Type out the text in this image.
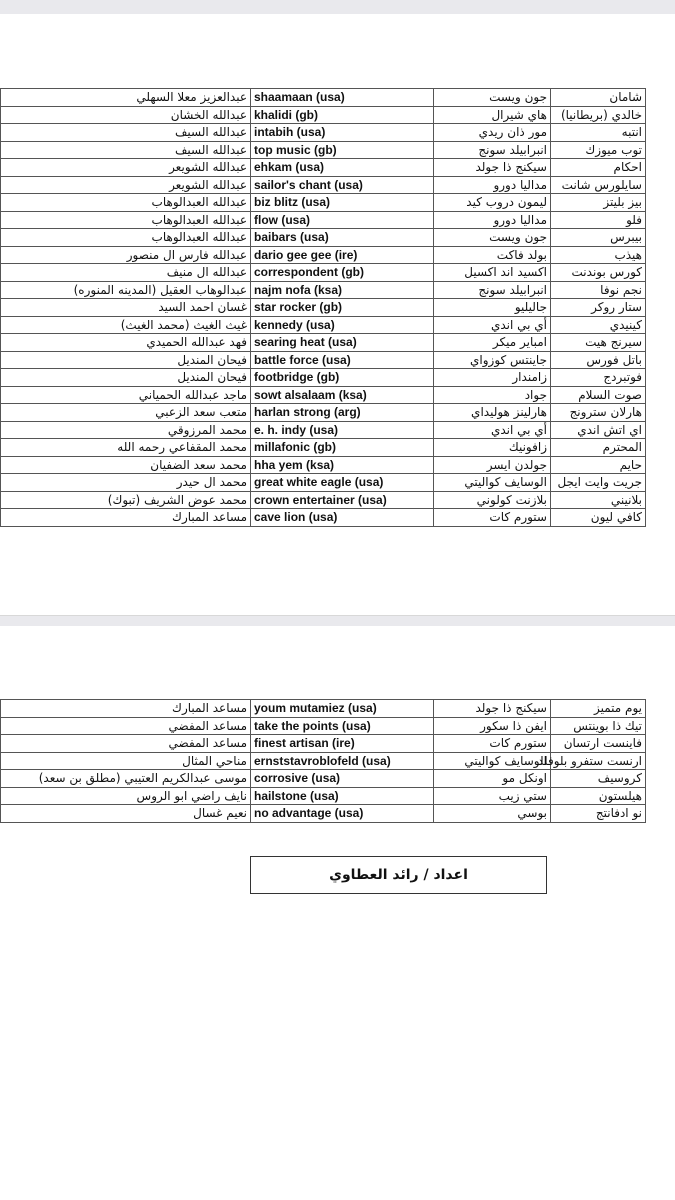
عبدالعزيز معلا السهلي	shaamaan (usa)	جون ويست	شامان
عبدالله الخشان	khalidi (gb)	هاي شيرال	خالدي (بريطانيا)
عبدالله السيف	intabih (usa)	مور ذان ريدي	انتبه
عبدالله السيف	top music (gb)	انبرابيلد سونج	توب ميوزك
عبدالله الشويعر	ehkam (usa)	سيكنج ذا جولد	احكام
عبدالله الشويعر	sailor's chant (usa)	مداليا دورو	سايلورس شانت
عبدالله العبدالوهاب	biz blitz (usa)	ليمون دروب كيد	بيز بليتز
عبدالله العبدالوهاب	flow (usa)	مداليا دورو	فلو
عبدالله العبدالوهاب	baibars (usa)	جون ويست	بيبرس
عبدالله فارس ال منصور	dario gee gee (ire)	بولد فاكت	هيذب
عبدالله ال منيف	correspondent (gb)	اكسيد اند اكسيل	كورس بوندنت
عبدالوهاب العقيل (المدينه المنوره)	najm nofa (ksa)	انبرابيلد سونج	نجم نوفا
غسان احمد السيد	star rocker (gb)	جاليليو	ستار روكر
غيث الغيث (محمد الغيث)	kennedy (usa)	أي بي اندي	كينيدي
فهد عبدالله الحميدي	searing heat (usa)	امباير ميكر	سيرنج هيت
فيحان المنديل	battle force (usa)	جاينتس كوزواي	باتل فورس
فيحان المنديل	footbridge (gb)	زامندار	فوتبردج
ماجد عبدالله الحمياني	sowt alsalaam (ksa)	جواد	صوت السلام
متعب سعد الزعبي	harlan strong (arg)	هارلينز هوليداي	هارلان سترونج
محمد المرزوقي	e. h. indy (usa)	أي بي اندي	اي اتش اندي
محمد المقفاعي رحمه الله	millafonic (gb)	زافونيك	المحترم
محمد سعد الضفيان	hha yem (ksa)	جولدن ايسر	حايم
محمد ال حيدر	great white eagle (usa)	الوسايف كواليتي	جريت وايت ايجل
محمد عوض الشريف (تبوك)	crown entertainer (usa)	بلازنت كولوني	بلانيني
مساعد المبارك	cave lion (usa)	ستورم كات	كافي ليون
مساعد المبارك	youm mutamiez (usa)	سيكنج ذا جولد	يوم متميز
مساعد المفضي	take the points (usa)	ايفن ذا سكور	تيك ذا بوينتس
مساعد المفضي	finest artisan (ire)	ستورم كات	فاينست ارتسان
مناحي المثال	ernststavroblofeld (usa)	الوسايف كواليتي	ارنست ستفرو بلوفلد
موسى عبدالكريم العتيبي (مطلق بن سعد)	corrosive (usa)	اونكل مو	كروسيف
نايف راضي ابو الروس	hailstone (usa)	ستي زيب	هيلستون
نعيم غسال	no advantage (usa)	بوسي	نو ادفانتج
اعداد / رائد العطاوي
